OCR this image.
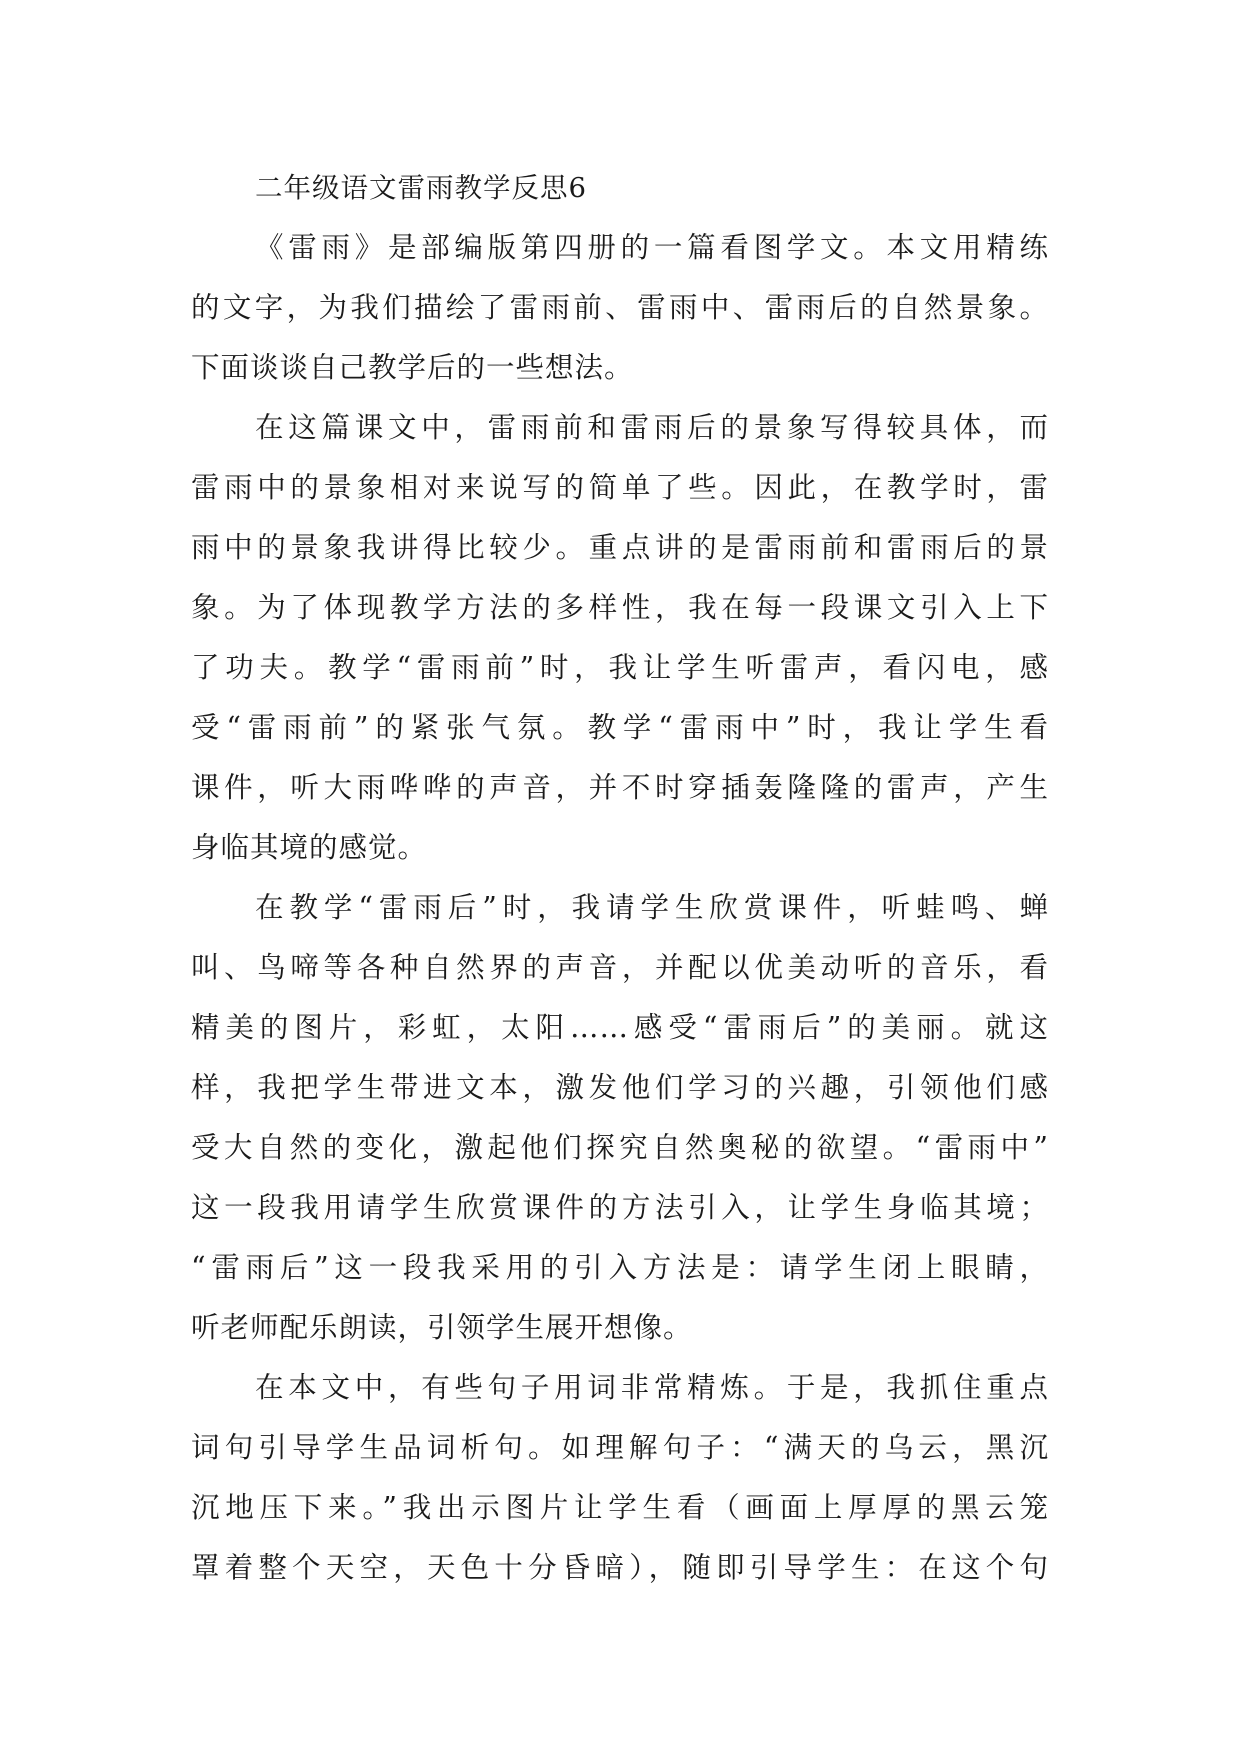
二年级语文雷雨教学反思6
《雷雨》是部编版第四册的一篇看图学文。本文用精练
的文字，为我们描绘了雷雨前、雷雨中、雷雨后的自然景象。
下面谈谈自己教学后的一些想法。
在这篇课文中，雷雨前和雷雨后的景象写得较具体，而
雷雨中的景象相对来说写的简单了些。因此，在教学时，雷
雨中的景象我讲得比较少。重点讲的是雷雨前和雷雨后的景
象。为了体现教学方法的多样性，我在每一段课文引入上下
了功夫。教学“雷雨前”时，我让学生听雷声，看闪电，感
受“雷雨前”的紧张气氛。教学“雷雨中”时，我让学生看
课件，听大雨哗哗的声音，并不时穿插轰隆隆的雷声，产生
身临其境的感觉。
在教学“雷雨后”时，我请学生欣赏课件，听蛙鸣、蝉
叫、鸟啼等各种自然界的声音，并配以优美动听的音乐，看
精美的图片，彩虹，太阳……感受“雷雨后”的美丽。就这
样，我把学生带进文本，激发他们学习的兴趣，引领他们感
受大自然的变化，激起他们探究自然奥秘的欲望。“雷雨中”
这一段我用请学生欣赏课件的方法引入，让学生身临其境；
“雷雨后”这一段我采用的引入方法是：请学生闭上眼睛，
听老师配乐朗读，引领学生展开想像。
在本文中，有些句子用词非常精炼。于是，我抓住重点
词句引导学生品词析句。如理解句子：“满天的乌云，黑沉
沉地压下来。”我出示图片让学生看（画面上厚厚的黑云笼
罩着整个天空，天色十分昏暗），随即引导学生：在这个句
